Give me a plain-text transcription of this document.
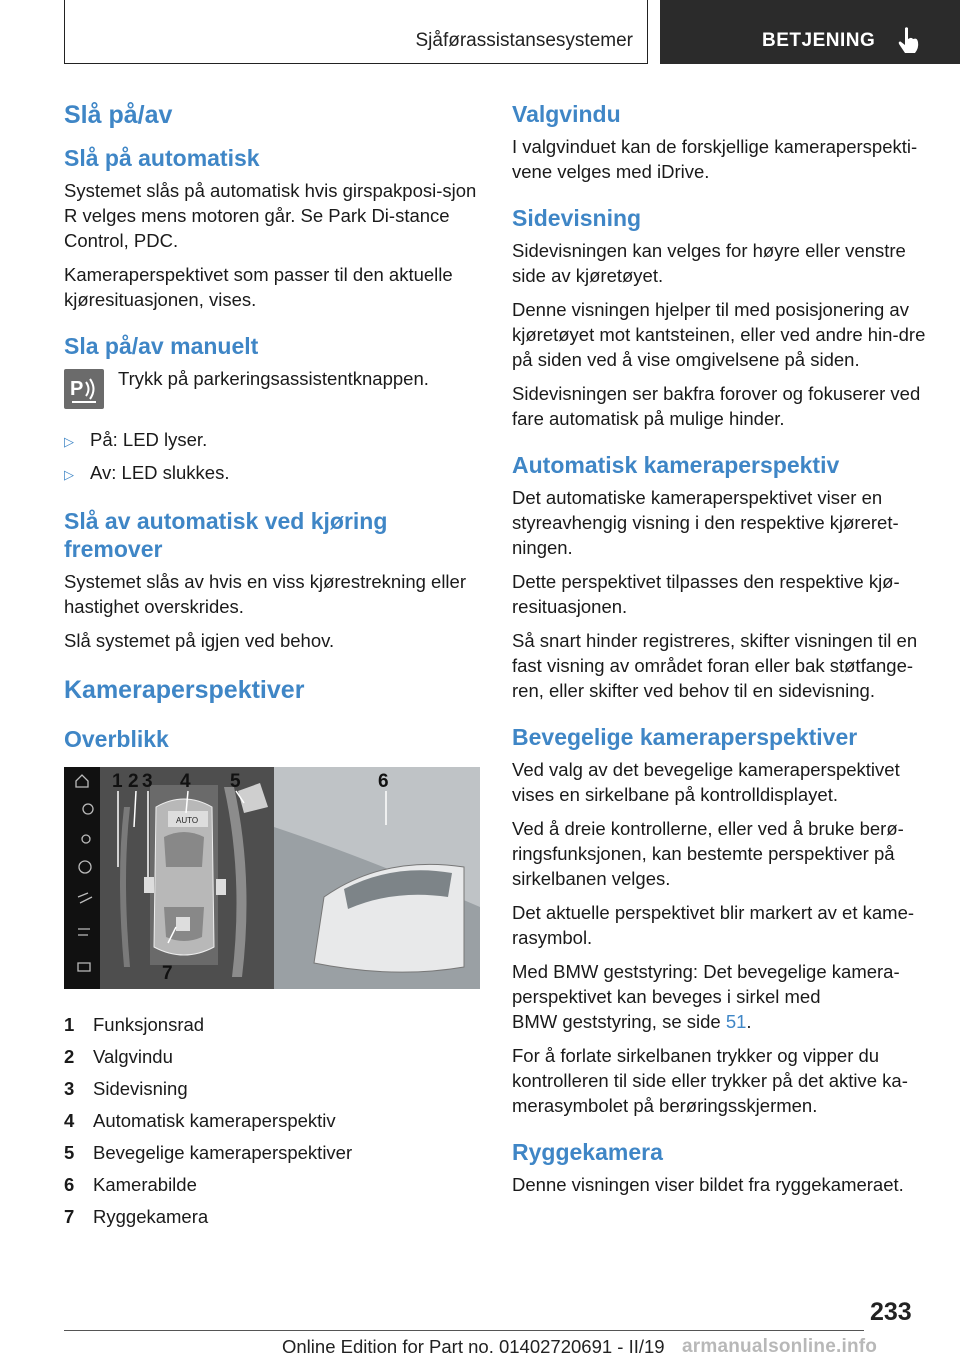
Sjåførassistansesystemer	BETJENING
Slå på/av
Slå på automatisk

Systemet slås på automatisk hvis girspakposi-sjon R velges mens motoren går. Se Park Di-stance Control, PDC.

Kameraperspektivet som passer til den aktuelle kjøresituasjonen, vises.

Sla på/av manuelt
P Trykk på parkeringsassistentknappen.

▷ På: LED lyser.
▷ Av: LED slukkes.
Slå av automatisk ved kjøring fremover

Systemet slås av hvis en viss kjørestrekning eller hastighet overskrides.

Slå systemet på igjen ved behov.

Kameraperspektiver
Overblikk
AUTO
1 2 3 4 5	6
7
1	Funksjonsrad
2	Valgvindu
3	Sidevisning
4	Automatisk kameraperspektiv
5	Bevegelige kameraperspektiver
6	Kamerabilde
7	Ryggekamera
Valgvindu

I valgvinduet kan de forskjellige kameraperspekti-vene velges med iDrive.

Sidevisning

Sidevisningen kan velges for høyre eller venstre side av kjøretøyet.

Denne visningen hjelper til med posisjonering av kjøretøyet mot kantsteinen, eller ved andre hin-dre på siden ved å vise omgivelsene på siden.

Sidevisningen ser bakfra forover og fokuserer ved fare automatisk på mulige hinder.

Automatisk kameraperspektiv

Det automatiske kameraperspektivet viser en styreavhengig visning i den respektive kjøreret-ningen.

Dette perspektivet tilpasses den respektive kjø-resituasjonen.

Så snart hinder registreres, skifter visningen til en fast visning av området foran eller bak støtfange-ren, eller skifter ved behov til en sidevisning.

Bevegelige kameraperspektiver

Ved valg av det bevegelige kameraperspektivet vises en sirkelbane på kontrolldisplayet.

Ved å dreie kontrollerne, eller ved å bruke berø-ringsfunksjonen, kan bestemte perspektiver på sirkelbanen velges.

Det aktuelle perspektivet blir markert av et kame-rasymbol.

Med BMW geststyring: Det bevegelige kamera-perspektivet kan beveges i sirkel med
BMW geststyring, se side 51.

For å forlate sirkelbanen trykker og vipper du kontrolleren til side eller trykker på det aktive ka-merasymbolet på berøringsskjermen.

Ryggekamera

Denne visningen viser bildet fra ryggekameraet.

233
Online Edition for Part no. 01402720691 - II/19 armanualsonline.info
